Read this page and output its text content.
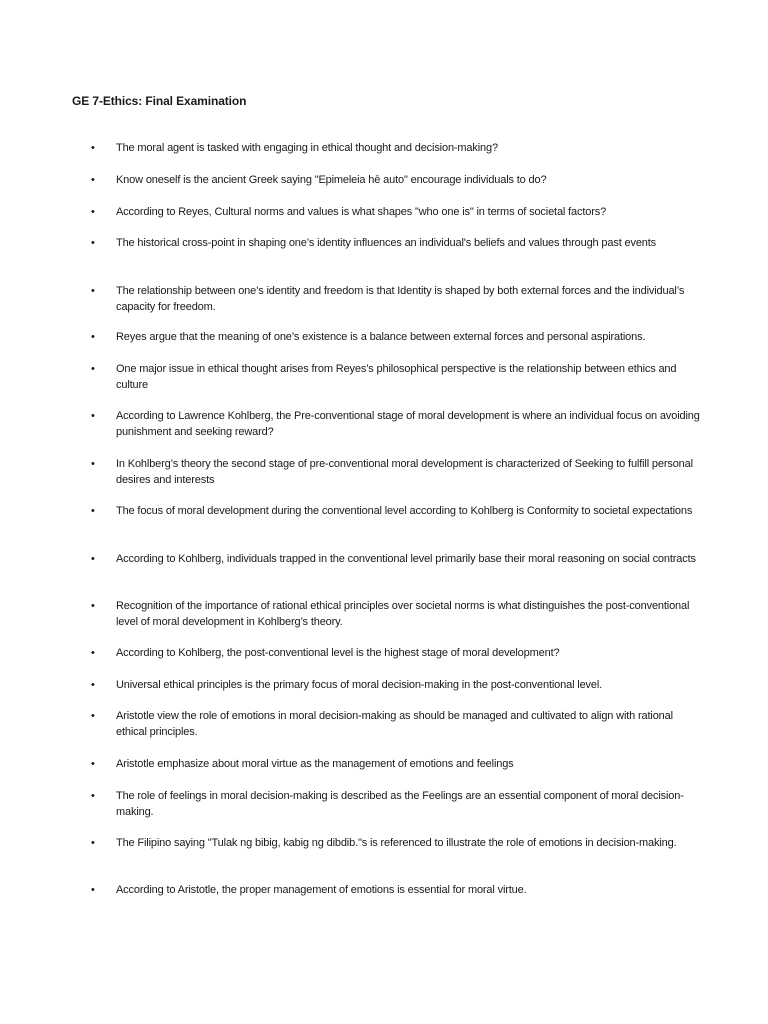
GE 7-Ethics: Final Examination
• The moral agent is tasked with engaging in ethical thought and decision-making?
• Know oneself is the ancient Greek saying "Epimeleia hē auto" encourage individuals to do?
• According to Reyes, Cultural norms and values is what shapes "who one is" in terms of societal factors?
• The historical cross-point in shaping one’s identity influences an individual's beliefs and values through past events
• The relationship between one’s identity and freedom is that Identity is shaped by both external forces and the individual’s capacity for freedom.
• Reyes argue that the meaning of one’s existence is a balance between external forces and personal aspirations.
• One major issue in ethical thought arises from Reyes’s philosophical perspective is the relationship between ethics and culture
• According to Lawrence Kohlberg, the Pre-conventional stage of moral development is where an individual focus on avoiding punishment and seeking reward?
• In Kohlberg’s theory the second stage of pre-conventional moral development is characterized of Seeking to fulfill personal desires and interests
• The focus of moral development during the conventional level according to Kohlberg is Conformity to societal expectations
• According to Kohlberg, individuals trapped in the conventional level primarily base their moral reasoning on social contracts
• Recognition of the importance of rational ethical principles over societal norms is what distinguishes the post-conventional level of moral development in Kohlberg’s theory.
• According to Kohlberg, the post-conventional level is the highest stage of moral development?
• Universal ethical principles is the primary focus of moral decision-making in the post-conventional level.
• Aristotle view the role of emotions in moral decision-making as should be managed and cultivated to align with rational ethical principles.
• Aristotle emphasize about moral virtue as the management of emotions and feelings
• The role of feelings in moral decision-making is described as the Feelings are an essential component of moral decision-making.
• The Filipino saying "Tulak ng bibig, kabig ng dibdib."s is referenced to illustrate the role of emotions in decision-making.
• According to Aristotle, the proper management of emotions is essential for moral virtue.
